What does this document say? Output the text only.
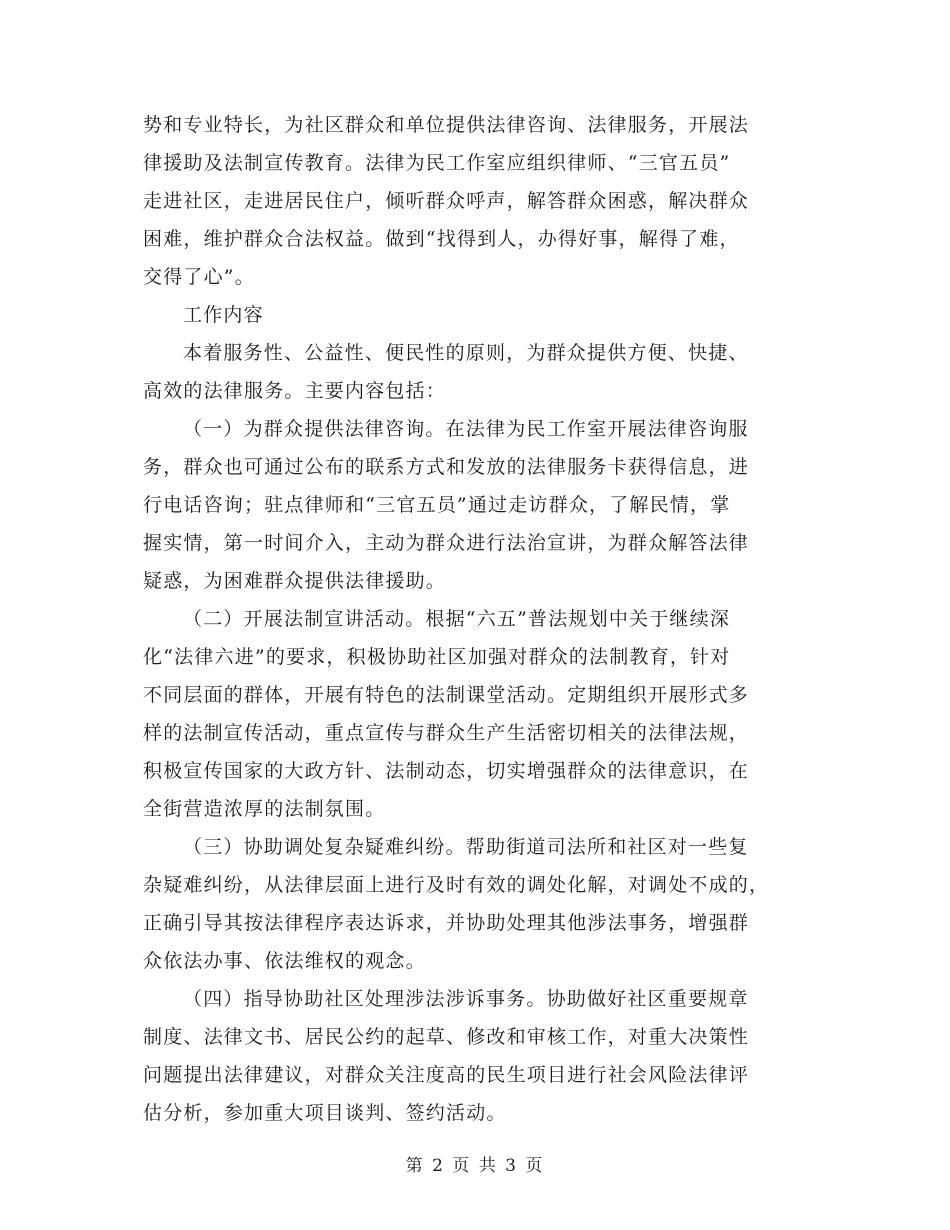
势和专业特长，为社区群众和单位提供法律咨询、法律服务，开展法
律援助及法制宣传教育。法律为民工作室应组织律师、“三官五员”
走进社区，走进居民住户，倾听群众呼声，解答群众困惑，解决群众
困难，维护群众合法权益。做到“找得到人，办得好事，解得了难，
交得了心”。

工作内容

本着服务性、公益性、便民性的原则，为群众提供方便、快捷、
高效的法律服务。主要内容包括：

（一）为群众提供法律咨询。在法律为民工作室开展法律咨询服
务，群众也可通过公布的联系方式和发放的法律服务卡获得信息，进
行电话咨询；驻点律师和“三官五员”通过走访群众，了解民情，掌
握实情，第一时间介入，主动为群众进行法治宣讲，为群众解答法律
疑惑，为困难群众提供法律援助。

（二）开展法制宣讲活动。根据“六五”普法规划中关于继续深
化“法律六进”的要求，积极协助社区加强对群众的法制教育，针对
不同层面的群体，开展有特色的法制课堂活动。定期组织开展形式多
样的法制宣传活动，重点宣传与群众生产生活密切相关的法律法规，
积极宣传国家的大政方针、法制动态，切实增强群众的法律意识，在
全街营造浓厚的法制氛围。

（三）协助调处复杂疑难纠纷。帮助街道司法所和社区对一些复
杂疑难纠纷，从法律层面上进行及时有效的调处化解，对调处不成的，
正确引导其按法律程序表达诉求，并协助处理其他涉法事务，增强群
众依法办事、依法维权的观念。

（四）指导协助社区处理涉法涉诉事务。协助做好社区重要规章
制度、法律文书、居民公约的起草、修改和审核工作，对重大决策性
问题提出法律建议，对群众关注度高的民生项目进行社会风险法律评
估分析，参加重大项目谈判、签约活动。

第 2 页 共 3 页
